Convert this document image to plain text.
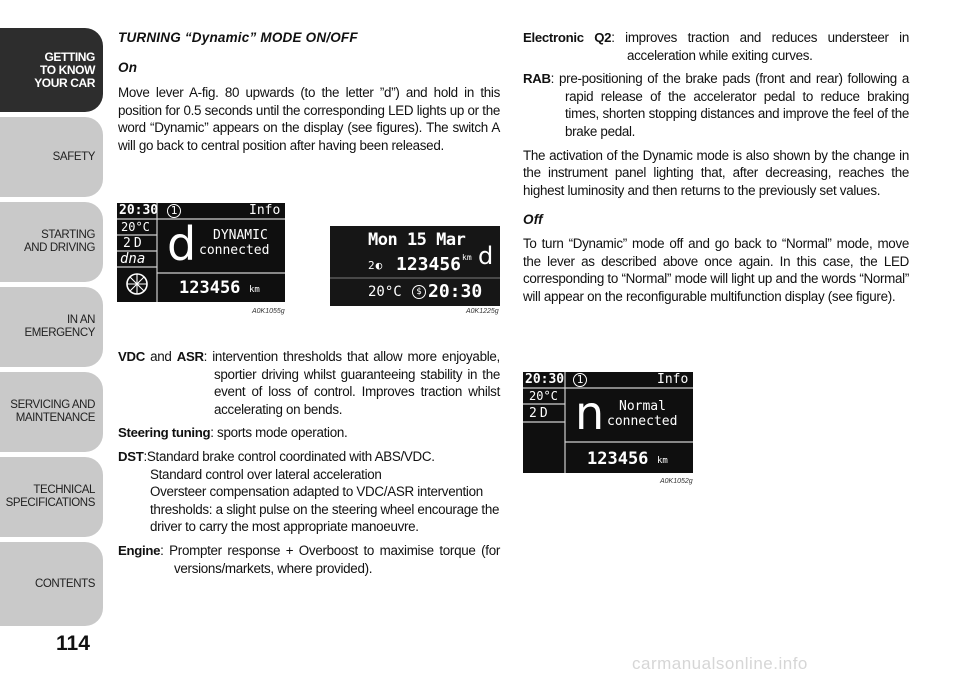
GETTING
TO KNOW
YOUR CAR
SAFETY
STARTING
AND DRIVING
IN AN
EMERGENCY
SERVICING AND
MAINTENANCE
TECHNICAL
SPECIFICATIONS
CONTENTS
114

TURNING “Dynamic” MODE ON/OFF

On

Move lever A-fig. 80 upwards (to the letter ”d”) and hold in this position for 0.5 seconds until the corresponding LED lights up or the word “Dynamic” appears on the display (see figures). The switch A will go back to central position after having been released.

20:30	1	Info
20°C
2 D
dna d DYNAMIC
connected
123456 km
A0K1055g
Mon 15 Mar
2◐ 123456 km d
20°C	$ 20:30
A0K1225g

VDC and ASR: intervention thresholds that allow more enjoyable, sportier driving whilst guaranteeing stability in the event of loss of control. Improves traction whilst accelerating on bends.

Steering tuning: sports mode operation.

DST:Standard brake control coordinated with ABS/VDC.
Standard control over lateral acceleration
Oversteer compensation adapted to VDC/ASR intervention thresholds: a slight pulse on the steering wheel encourage the driver to carry the most appropriate manoeuvre.

Engine: Prompter response + Overboost to maximise torque (for versions/markets, where provided).

Electronic Q2: improves traction and reduces understeer in acceleration while exiting curves.

RAB: pre-positioning of the brake pads (front and rear) following a rapid release of the accelerator pedal to reduce braking times, shorten stopping distances and improve the feel of the brake pedal.

The activation of the Dynamic mode is also shown by the change in the instrument panel lighting that, after decreasing, reaches the highest luminosity and then returns to the previously set values.

Off

To turn “Dynamic” mode off and go back to “Normal” mode, move the lever as described above once again. In this case, the LED corresponding to “Normal” mode will light up and the words “Normal” will appear on the reconfigurable multifunction display (see figure).

20:30	1	Info
20°C
2 D n Normal
connected
123456 km
A0K1052g
carmanualsonline.info
